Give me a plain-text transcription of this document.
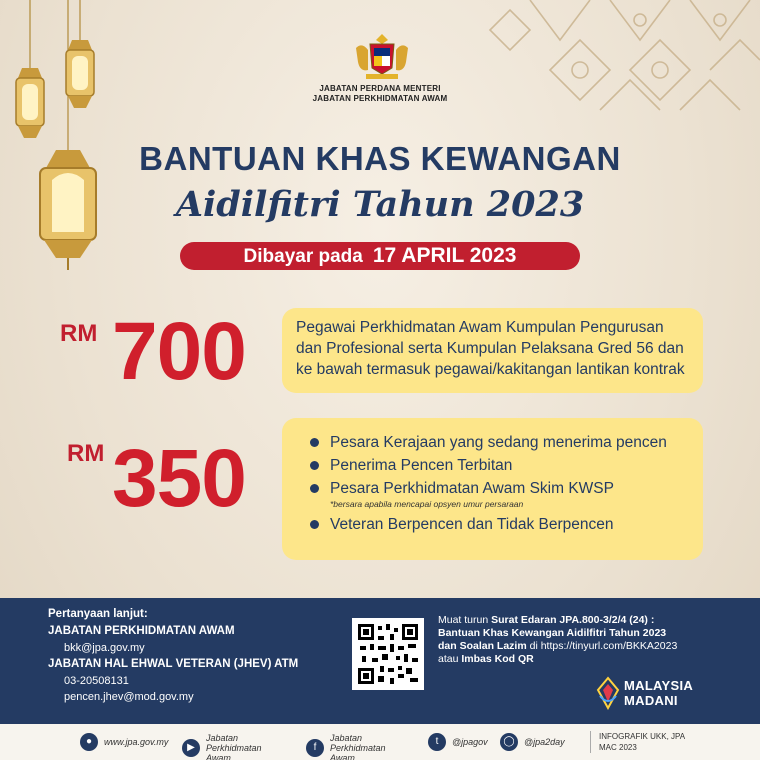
JABATAN PERDANA MENTERI
JABATAN PERKHIDMATAN AWAM
BANTUAN KHAS KEWANGAN
Aidilfitri Tahun 2023
Dibayar pada 17 APRIL 2023
RM 700	Pegawai Perkhidmatan Awam Kumpulan Pengurusan dan Profesional serta Kumpulan Pelaksana Gred 56 dan ke bawah termasuk pegawai/kakitangan lantikan kontrak
RM 350	Pesara Kerajaan yang sedang menerima pencen
Penerima Pencen Terbitan
Pesara Perkhidmatan Awam Skim KWSP
*bersara apabila mencapai opsyen umur persaraan
Veteran Berpencen dan Tidak Berpencen
Pertanyaan lanjut:
JABATAN PERKHIDMATAN AWAM
bkk@jpa.gov.my
JABATAN HAL EHWAL VETERAN (JHEV) ATM
03-20508131
pencen.jhev@mod.gov.my
Muat turun Surat Edaran JPA.800-3/2/4 (24) :
Bantuan Khas Kewangan Aidilfitri Tahun 2023
dan Soalan Lazim di https://tinyurl.com/BKKA2023
atau Imbas Kod QR
MALAYSIA
MADANI
●	www.jpa.gov.my	▶
Jabatan Perkhidmatan Awam
f
Jabatan Perkhidmatan Awam
t	@jpagov	◯	@jpa2day
INFOGRAFIK UKK, JPA
MAC 2023
